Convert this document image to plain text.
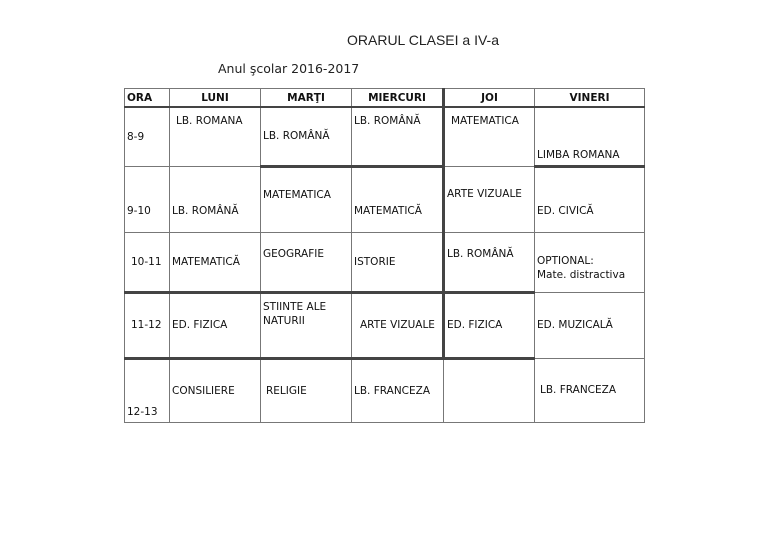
ORARUL CLASEI a IV-a
Anul şcolar 2016-2017
ORA	LUNI	MARŢI	MIERCURI	JOI	VINERI
8-9	LB. ROMANA	LB. ROMÂNĂ	LB. ROMÂNĂ	MATEMATICA	LIMBA ROMANA
9-10	LB. ROMÂNĂ	MATEMATICA	MATEMATICĂ	ARTE VIZUALE	ED. CIVICĂ
10-11	MATEMATICĂ	GEOGRAFIE	ISTORIE	LB. ROMÂNĂ	OPTIONAL:
Mate. distractiva
11-12	ED. FIZICA	STIINTE ALE NATURII	ARTE VIZUALE	ED. FIZICA	ED. MUZICALĂ
12-13	CONSILIERE	RELIGIE	LB. FRANCEZA		LB. FRANCEZA
